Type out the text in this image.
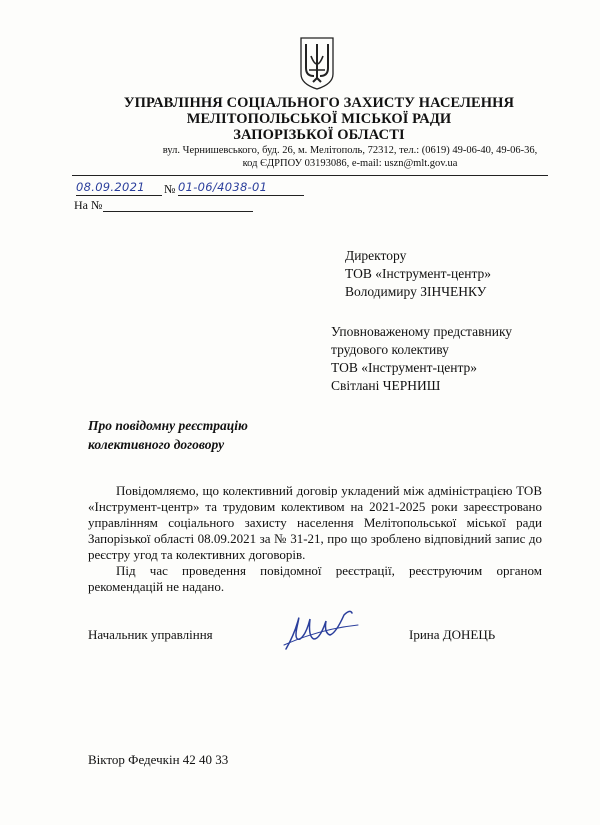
УПРАВЛІННЯ СОЦІАЛЬНОГО ЗАХИСТУ НАСЕЛЕННЯ
МЕЛІТОПОЛЬСЬКОЇ МІСЬКОЇ РАДИ
ЗАПОРІЗЬКОЇ ОБЛАСТІ
вул. Чернишевського, буд. 26, м. Мелітополь, 72312, тел.: (0619) 49-06-40, 49-06-36,
код ЄДРПОУ 03193086, e-mail: uszn@mlt.gov.ua
08.09.2021	№ 01-06/4038-01
На №
Директору
ТОВ «Інструмент-центр»
Володимиру ЗІНЧЕНКУ
Уповноваженому представнику
трудового колективу
ТОВ «Інструмент-центр»
Світлані ЧЕРНИШ
Про повідомну реєстрацію
колективного договору

Повідомляємо, що колективний договір укладений між адміністрацією ТОВ «Інструмент-центр» та трудовим колективом на 2021-2025 роки зареєстровано управлінням соціального захисту населення Мелітопольської міської ради Запорізької області 08.09.2021 за № 31-21, про що зроблено відповідний запис до реєстру угод та колективних договорів.

Під час проведення повідомної реєстрації, реєструючим органом рекомендацій не надано.

Начальник управління	Ірина ДОНЕЦЬ
Віктор Федечкін 42 40 33
